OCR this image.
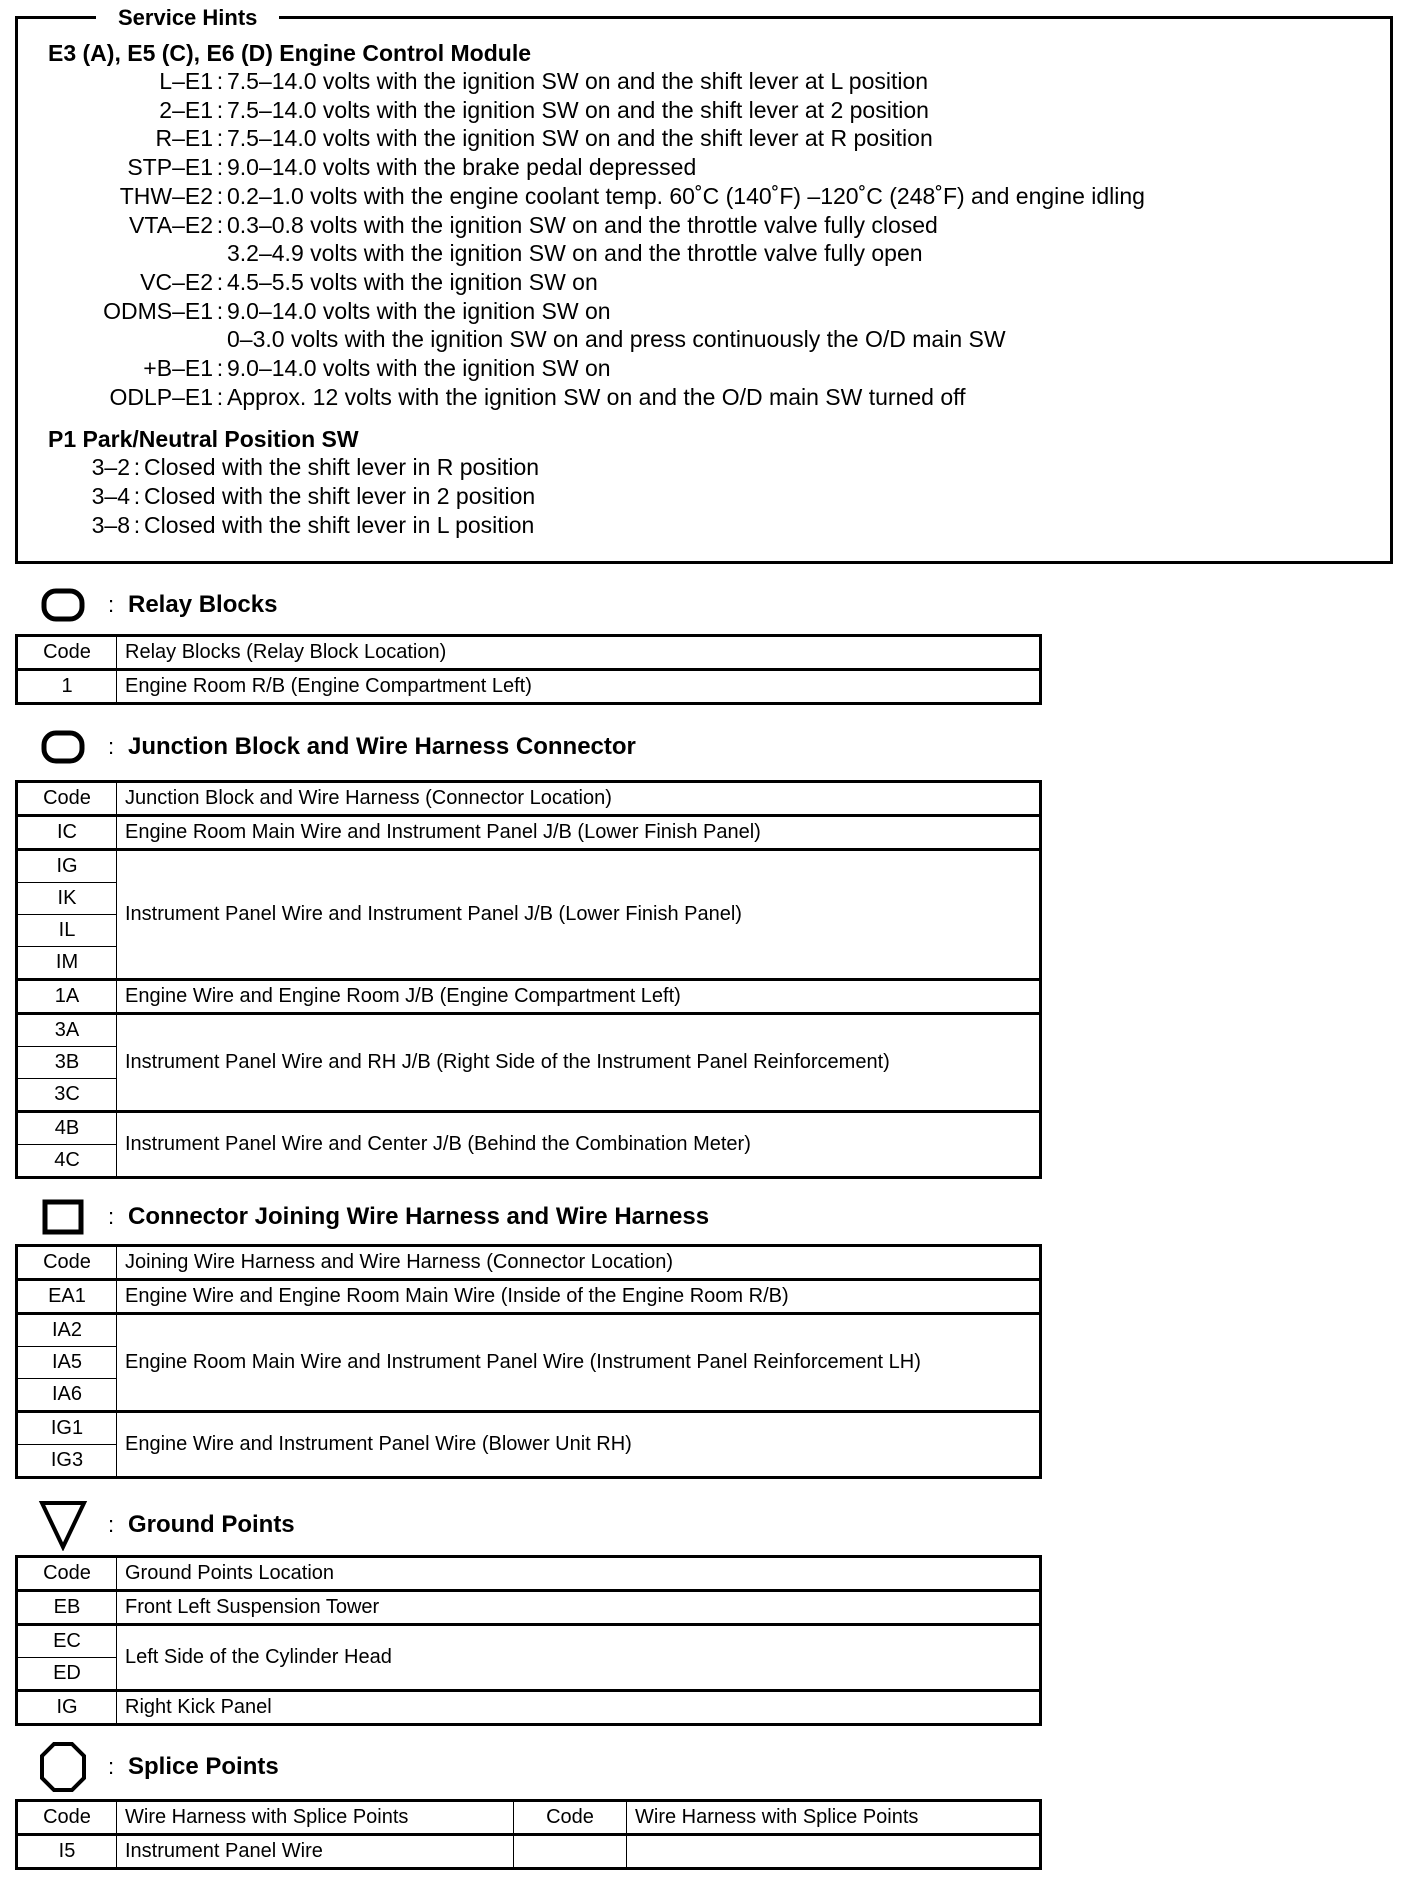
Service Hints
E3 (A), E5 (C), E6 (D) Engine Control Module
L–E1 : 7.5–14.0 volts with the ignition SW on and the shift lever at L position
2–E1 : 7.5–14.0 volts with the ignition SW on and the shift lever at 2 position
R–E1 : 7.5–14.0 volts with the ignition SW on and the shift lever at R position
STP–E1 : 9.0–14.0 volts with the brake pedal depressed
THW–E2 : 0.2–1.0 volts with the engine coolant temp. 60˚C (140˚F) –120˚C (248˚F) and engine idling
VTA–E2 : 0.3–0.8 volts with the ignition SW on and the throttle valve fully closed
3.2–4.9 volts with the ignition SW on and the throttle valve fully open
VC–E2 : 4.5–5.5 volts with the ignition SW on
ODMS–E1 : 9.0–14.0 volts with the ignition SW on
0–3.0 volts with the ignition SW on and press continuously the O/D main SW
+B–E1 : 9.0–14.0 volts with the ignition SW on
ODLP–E1 : Approx. 12 volts with the ignition SW on and the O/D main SW turned off
P1 Park/Neutral Position SW
3–2 : Closed with the shift lever in R position
3–4 : Closed with the shift lever in 2 position
3–8 : Closed with the shift lever in L position
: Relay Blocks
Code	Relay Blocks (Relay Block Location)
1	Engine Room R/B (Engine Compartment Left)
: Junction Block and Wire Harness Connector
Code	Junction Block and Wire Harness (Connector Location)
IC	Engine Room Main Wire and Instrument Panel J/B (Lower Finish Panel)
IG	Instrument Panel Wire and Instrument Panel J/B (Lower Finish Panel)
IK	
IL	
IM	
1A	Engine Wire and Engine Room J/B (Engine Compartment Left)
3A	Instrument Panel Wire and RH J/B (Right Side of the Instrument Panel Reinforcement)
3B	
3C	
4B	Instrument Panel Wire and Center J/B (Behind the Combination Meter)
4C	
: Connector Joining Wire Harness and Wire Harness
Code	Joining Wire Harness and Wire Harness (Connector Location)
EA1	Engine Wire and Engine Room Main Wire (Inside of the Engine Room R/B)
IA2	Engine Room Main Wire and Instrument Panel Wire (Instrument Panel Reinforcement LH)
IA5	
IA6	
IG1	Engine Wire and Instrument Panel Wire (Blower Unit RH)
IG3	
: Ground Points
Code	Ground Points Location
EB	Front Left Suspension Tower
EC	Left Side of the Cylinder Head
ED	
IG	Right Kick Panel
: Splice Points
Code	Wire Harness with Splice Points	Code	Wire Harness with Splice Points
I5	Instrument Panel Wire		
